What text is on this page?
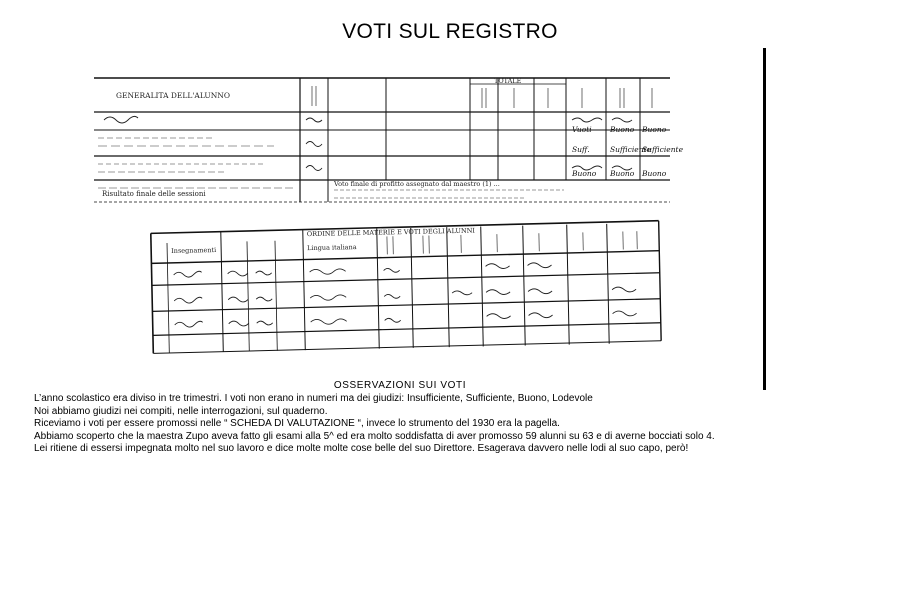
VOTI SUL REGISTRO
GENERALITA DELL'ALUNNO
TOTALE
Risultato finale delle sessioni
Voto finale di profitto assegnato dal maestro (1) ...
Vuoti Buono Buono
Suff.	Sufficiente
Sufficiente
Buono Buono Buono
ORDINE DELLE MATERIE E VOTI DEGLI ALUNNI
Insegnamenti	Lingua italiana
OSSERVAZIONI SUI VOTI

L’anno scolastico era diviso in tre trimestri. I voti non erano in numeri ma dei giudizi: Insufficiente, Sufficiente, Buono, Lodevole

Noi abbiamo giudizi nei compiti, nelle interrogazioni, sul quaderno.

Riceviamo i voti per essere promossi nelle “ SCHEDA DI VALUTAZIONE “, invece lo strumento del 1930 era la pagella.

Abbiamo scoperto che la maestra Zupo aveva fatto gli esami alla 5^ ed era molto soddisfatta di aver promosso 59 alunni su 63 e di averne bocciati solo 4.

Lei ritiene di essersi impegnata molto nel suo lavoro e dice molte molte cose belle del suo Direttore. Esagerava davvero nelle lodi al suo capo, però!
